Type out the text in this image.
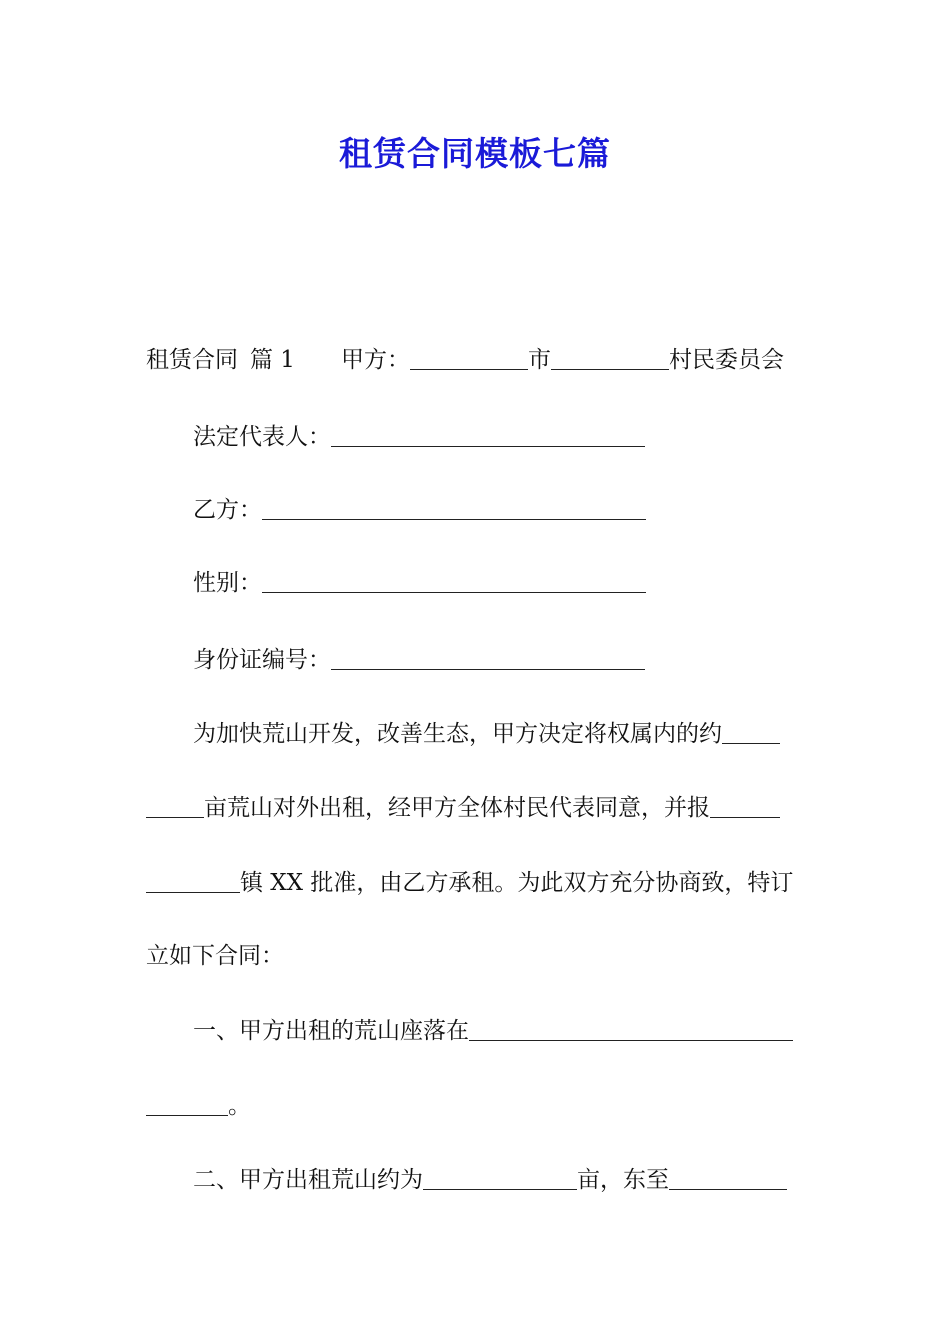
租赁合同模板七篇
租赁合同 篇 1 甲方：	市	村民委员会
法定代表人：
乙方：
性别：
身份证编号：
为加快荒山开发，改善生态，甲方决定将权属内的约
亩荒山对外出租，经甲方全体村民代表同意，并报
镇 XX 批准，由乙方承租。为此双方充分协商致，特订
立如下合同：
一、甲方出租的荒山座落在
。
二、甲方出租荒山约为	亩，东至
